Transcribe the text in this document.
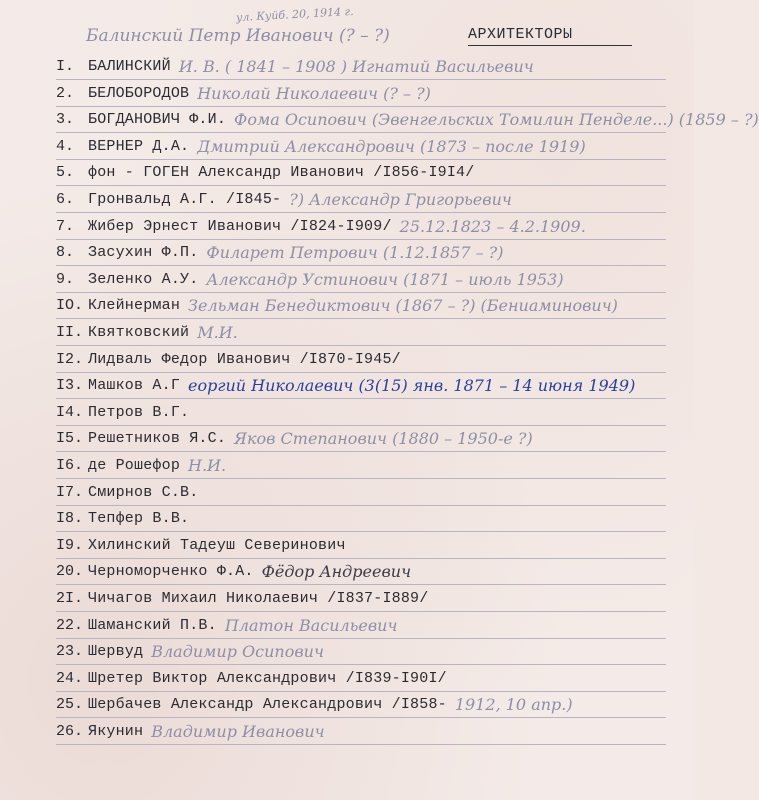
АРХИТЕКТОРЫ
Балинский Петр Иванович (? – ?)
ул. Куйб. 20, 1914 г.
I. БАЛИНСКИЙ И. В. ( 1841 – 1908 ) Игнатий Васильевич
2. БЕЛОБОРОДОВ Николай Николаевич (? – ?)
3. БОГДАНОВИЧ Ф.И. Фома Осипович (Эвенгельских Томилин Пенделе...) (1859 – ?)
4. ВЕРНЕР Д.А. Дмитрий Александрович (1873 – после 1919)
5. фон - ГОГЕН Александр Иванович /I856-I9I4/
6. Гронвальд А.Г. /I845- ?) Александр Григорьевич
7. Жибер Эрнест Иванович /I824-I909/ 25.12.1823 – 4.2.1909.
8. Засухин Ф.П. Филарет Петрович (1.12.1857 – ?)
9. Зеленко А.У. Александр Устинович (1871 – июль 1953)
IO. Клейнерман Зельман Бенедиктович (1867 – ?) (Бениаминович)
II. Квятковский М.И.
I2. Лидваль Федор Иванович /I870-I945/
I3. Машков А.Г еоргий Николаевич (3(15) янв. 1871 – 14 июня 1949)
I4. Петров В.Г.
I5. Решетников Я.С. Яков Степанович (1880 – 1950-е ?)
I6. де Рошефор Н.И.
I7. Смирнов С.В.
I8. Тепфер В.В.
I9. Хилинский Тадеуш Северинович
20. Черноморченко Ф.А. Фёдор Андреевич
2I. Чичагов Михаил Николаевич /I837-I889/
22. Шаманский П.В. Платон Васильевич
23. Шервуд Владимир Осипович
24. Шретер Виктор Александрович /I839-I90I/
25. Шербачев Александр Александрович /I858- 1912, 10 апр.)
26. Якунин Владимир Иванович
